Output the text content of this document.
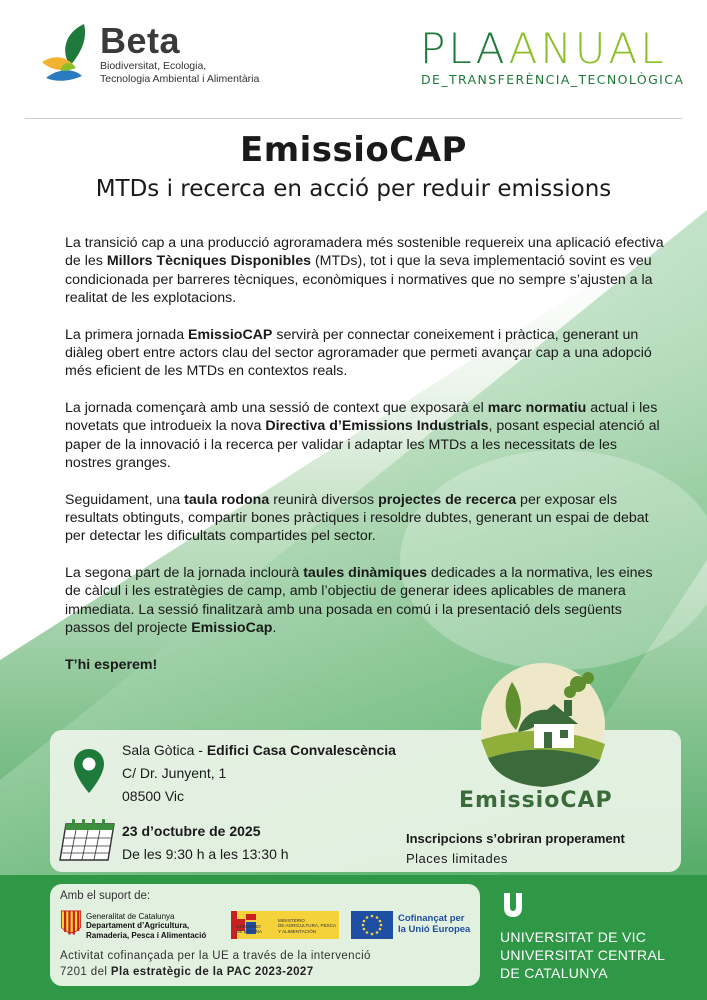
Beta
Biodiversitat, Ecologia,
Tecnologia Ambiental i Alimentària
PLAANUAL
DE_TRANSFERÈNCIA_TECNOLÒGICA
EmissioCAP
MTDs i recerca en acció per reduir emissions

La transició cap a una producció agroramadera més sostenible requereix una aplicació efectiva de les Millors Tècniques Disponibles (MTDs), tot i que la seva implementació sovint es veu condicionada per barreres tècniques, econòmiques i normatives que no sempre s’ajusten a la realitat de les explotacions.

La primera jornada EmissioCAP servirà per connectar coneixement i pràctica, generant un diàleg obert entre actors clau del sector agroramader que permeti avançar cap a una adopció més eficient de les MTDs en contextos reals.

La jornada començarà amb una sessió de context que exposarà el marc normatiu actual i les novetats que introdueix la nova Directiva d’Emissions Industrials, posant especial atenció al paper de la innovació i la recerca per validar i adaptar les MTDs a les necessitats de les nostres granges.

Seguidament, una taula rodona reunirà diversos projectes de recerca per exposar els resultats obtinguts, compartir bones pràctiques i resoldre dubtes, generant un espai de debat per detectar les dificultats compartides pel sector.

La segona part de la jornada inclourà taules dinàmiques dedicades a la normativa, les eines de càlcul i les estratègies de camp, amb l’objectiu de generar idees aplicables de manera immediata. La sessió finalitzarà amb una posada en comú i la presentació dels següents passos del projecte EmissioCap.

T’hi esperem!

Sala Gòtica - Edifici Casa Convalescència
C/ Dr. Junyent, 1
08500 Vic
23 d’octubre de 2025
De les 9:30 h a les 13:30 h
EmissioCAP
Inscripcions s’obriran properament
Places limitades
Amb el suport de:
Generalitat de Catalunya
Departament d’Agricultura,
Ramaderia, Pesca i Alimentació
GOBIERNO
DE ESPAÑA
MINISTERIO
DE AGRICULTURA, PESCA
Y ALIMENTACIÓN
Cofinançat per
la Unió Europea
Activitat cofinançada per la UE a través de la intervenció
7201 del Pla estratègic de la PAC 2023-2027
UNIVERSITAT DE VIC
UNIVERSITAT CENTRAL
DE CATALUNYA
